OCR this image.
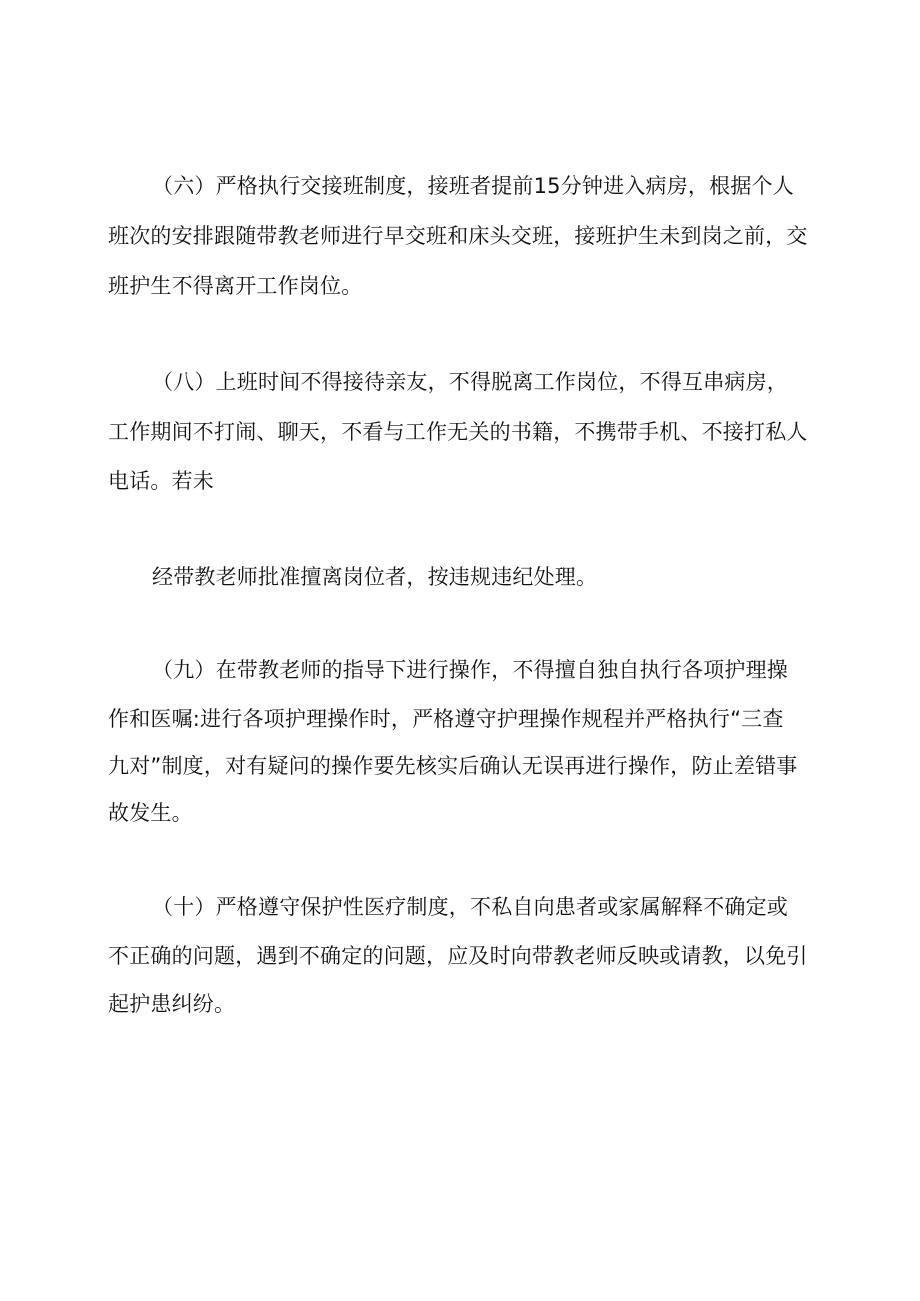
（六）严格执行交接班制度，接班者提前15分钟进入病房，根据个人
班次的安排跟随带教老师进行早交班和床头交班，接班护生未到岗之前，交
班护生不得离开工作岗位。
（八）上班时间不得接待亲友，不得脱离工作岗位，不得互串病房，
工作期间不打闹、聊天，不看与工作无关的书籍，不携带手机、不接打私人
电话。若未
经带教老师批准擅离岗位者，按违规违纪处理。
（九）在带教老师的指导下进行操作，不得擅自独自执行各项护理操
作和医嘱:进行各项护理操作时，严格遵守护理操作规程并严格执行“三查
九对”制度，对有疑问的操作要先核实后确认无误再进行操作，防止差错事
故发生。
（十）严格遵守保护性医疗制度，不私自向患者或家属解释不确定或
不正确的问题，遇到不确定的问题，应及时向带教老师反映或请教，以免引
起护患纠纷。
